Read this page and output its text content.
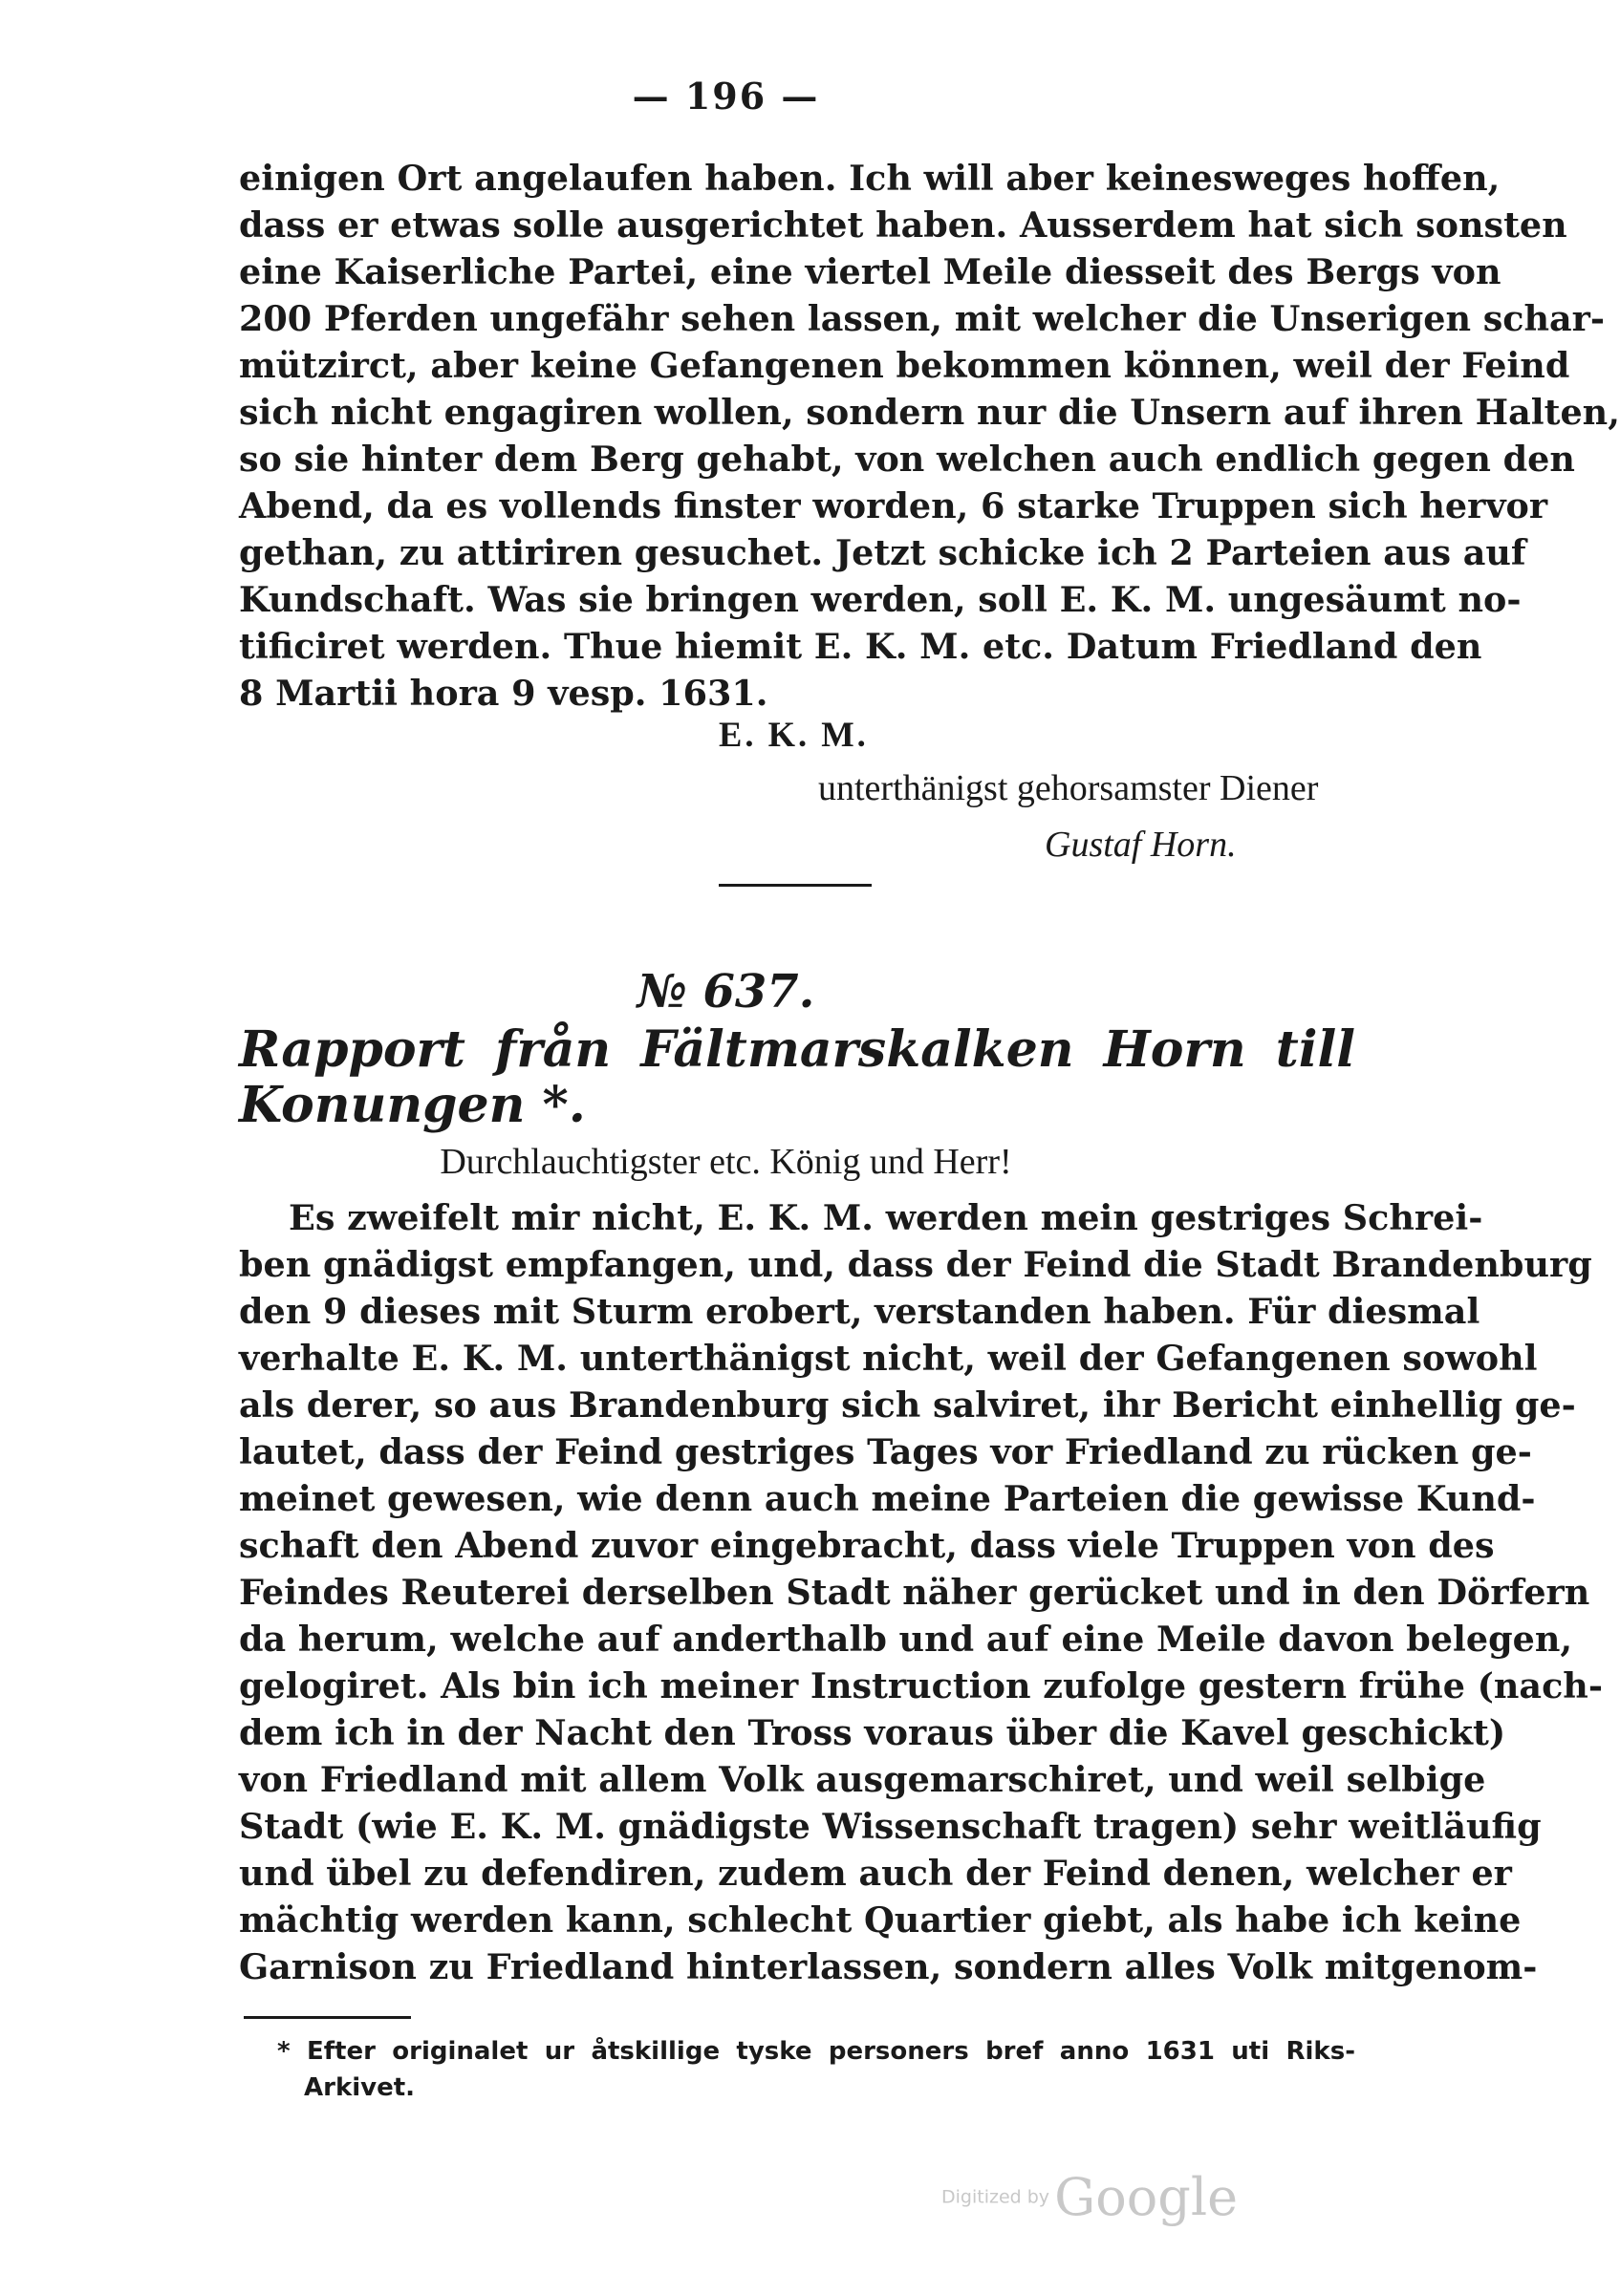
— 196 —
einigen Ort angelaufen haben. Ich will aber keinesweges hoffen,
dass er etwas solle ausgerichtet haben. Ausserdem hat sich sonsten
eine Kaiserliche Partei, eine viertel Meile diesseit des Bergs von
200 Pferden ungefähr sehen lassen, mit welcher die Unserigen schar-
mützirct, aber keine Gefangenen bekommen können, weil der Feind
sich nicht engagiren wollen, sondern nur die Unsern auf ihren Halten,
so sie hinter dem Berg gehabt, von welchen auch endlich gegen den
Abend, da es vollends finster worden, 6 starke Truppen sich hervor
gethan, zu attiriren gesuchet. Jetzt schicke ich 2 Parteien aus auf
Kundschaft. Was sie bringen werden, soll E. K. M. ungesäumt no-
tificiret werden. Thue hiemit E. K. M. etc. Datum Friedland den
8 Martii hora 9 vesp. 1631.
E. K. M.
unterthänigst gehorsamster Diener
Gustaf Horn.
№ 637.
Rapport från Fältmarskalken Horn till
Konungen *.
Durchlauchtigster etc. König und Herr!
Es zweifelt mir nicht, E. K. M. werden mein gestriges Schrei-
ben gnädigst empfangen, und, dass der Feind die Stadt Brandenburg
den 9 dieses mit Sturm erobert, verstanden haben. Für diesmal
verhalte E. K. M. unterthänigst nicht, weil der Gefangenen sowohl
als derer, so aus Brandenburg sich salviret, ihr Bericht einhellig ge-
lautet, dass der Feind gestriges Tages vor Friedland zu rücken ge-
meinet gewesen, wie denn auch meine Parteien die gewisse Kund-
schaft den Abend zuvor eingebracht, dass viele Truppen von des
Feindes Reuterei derselben Stadt näher gerücket und in den Dörfern
da herum, welche auf anderthalb und auf eine Meile davon belegen,
gelogiret. Als bin ich meiner Instruction zufolge gestern frühe (nach-
dem ich in der Nacht den Tross voraus über die Kavel geschickt)
von Friedland mit allem Volk ausgemarschiret, und weil selbige
Stadt (wie E. K. M. gnädigste Wissenschaft tragen) sehr weitläufig
und übel zu defendiren, zudem auch der Feind denen, welcher er
mächtig werden kann, schlecht Quartier giebt, als habe ich keine
Garnison zu Friedland hinterlassen, sondern alles Volk mitgenom-
* Efter originalet ur åtskillige tyske personers bref anno 1631 uti Riks-
Arkivet.
Digitized by Google
